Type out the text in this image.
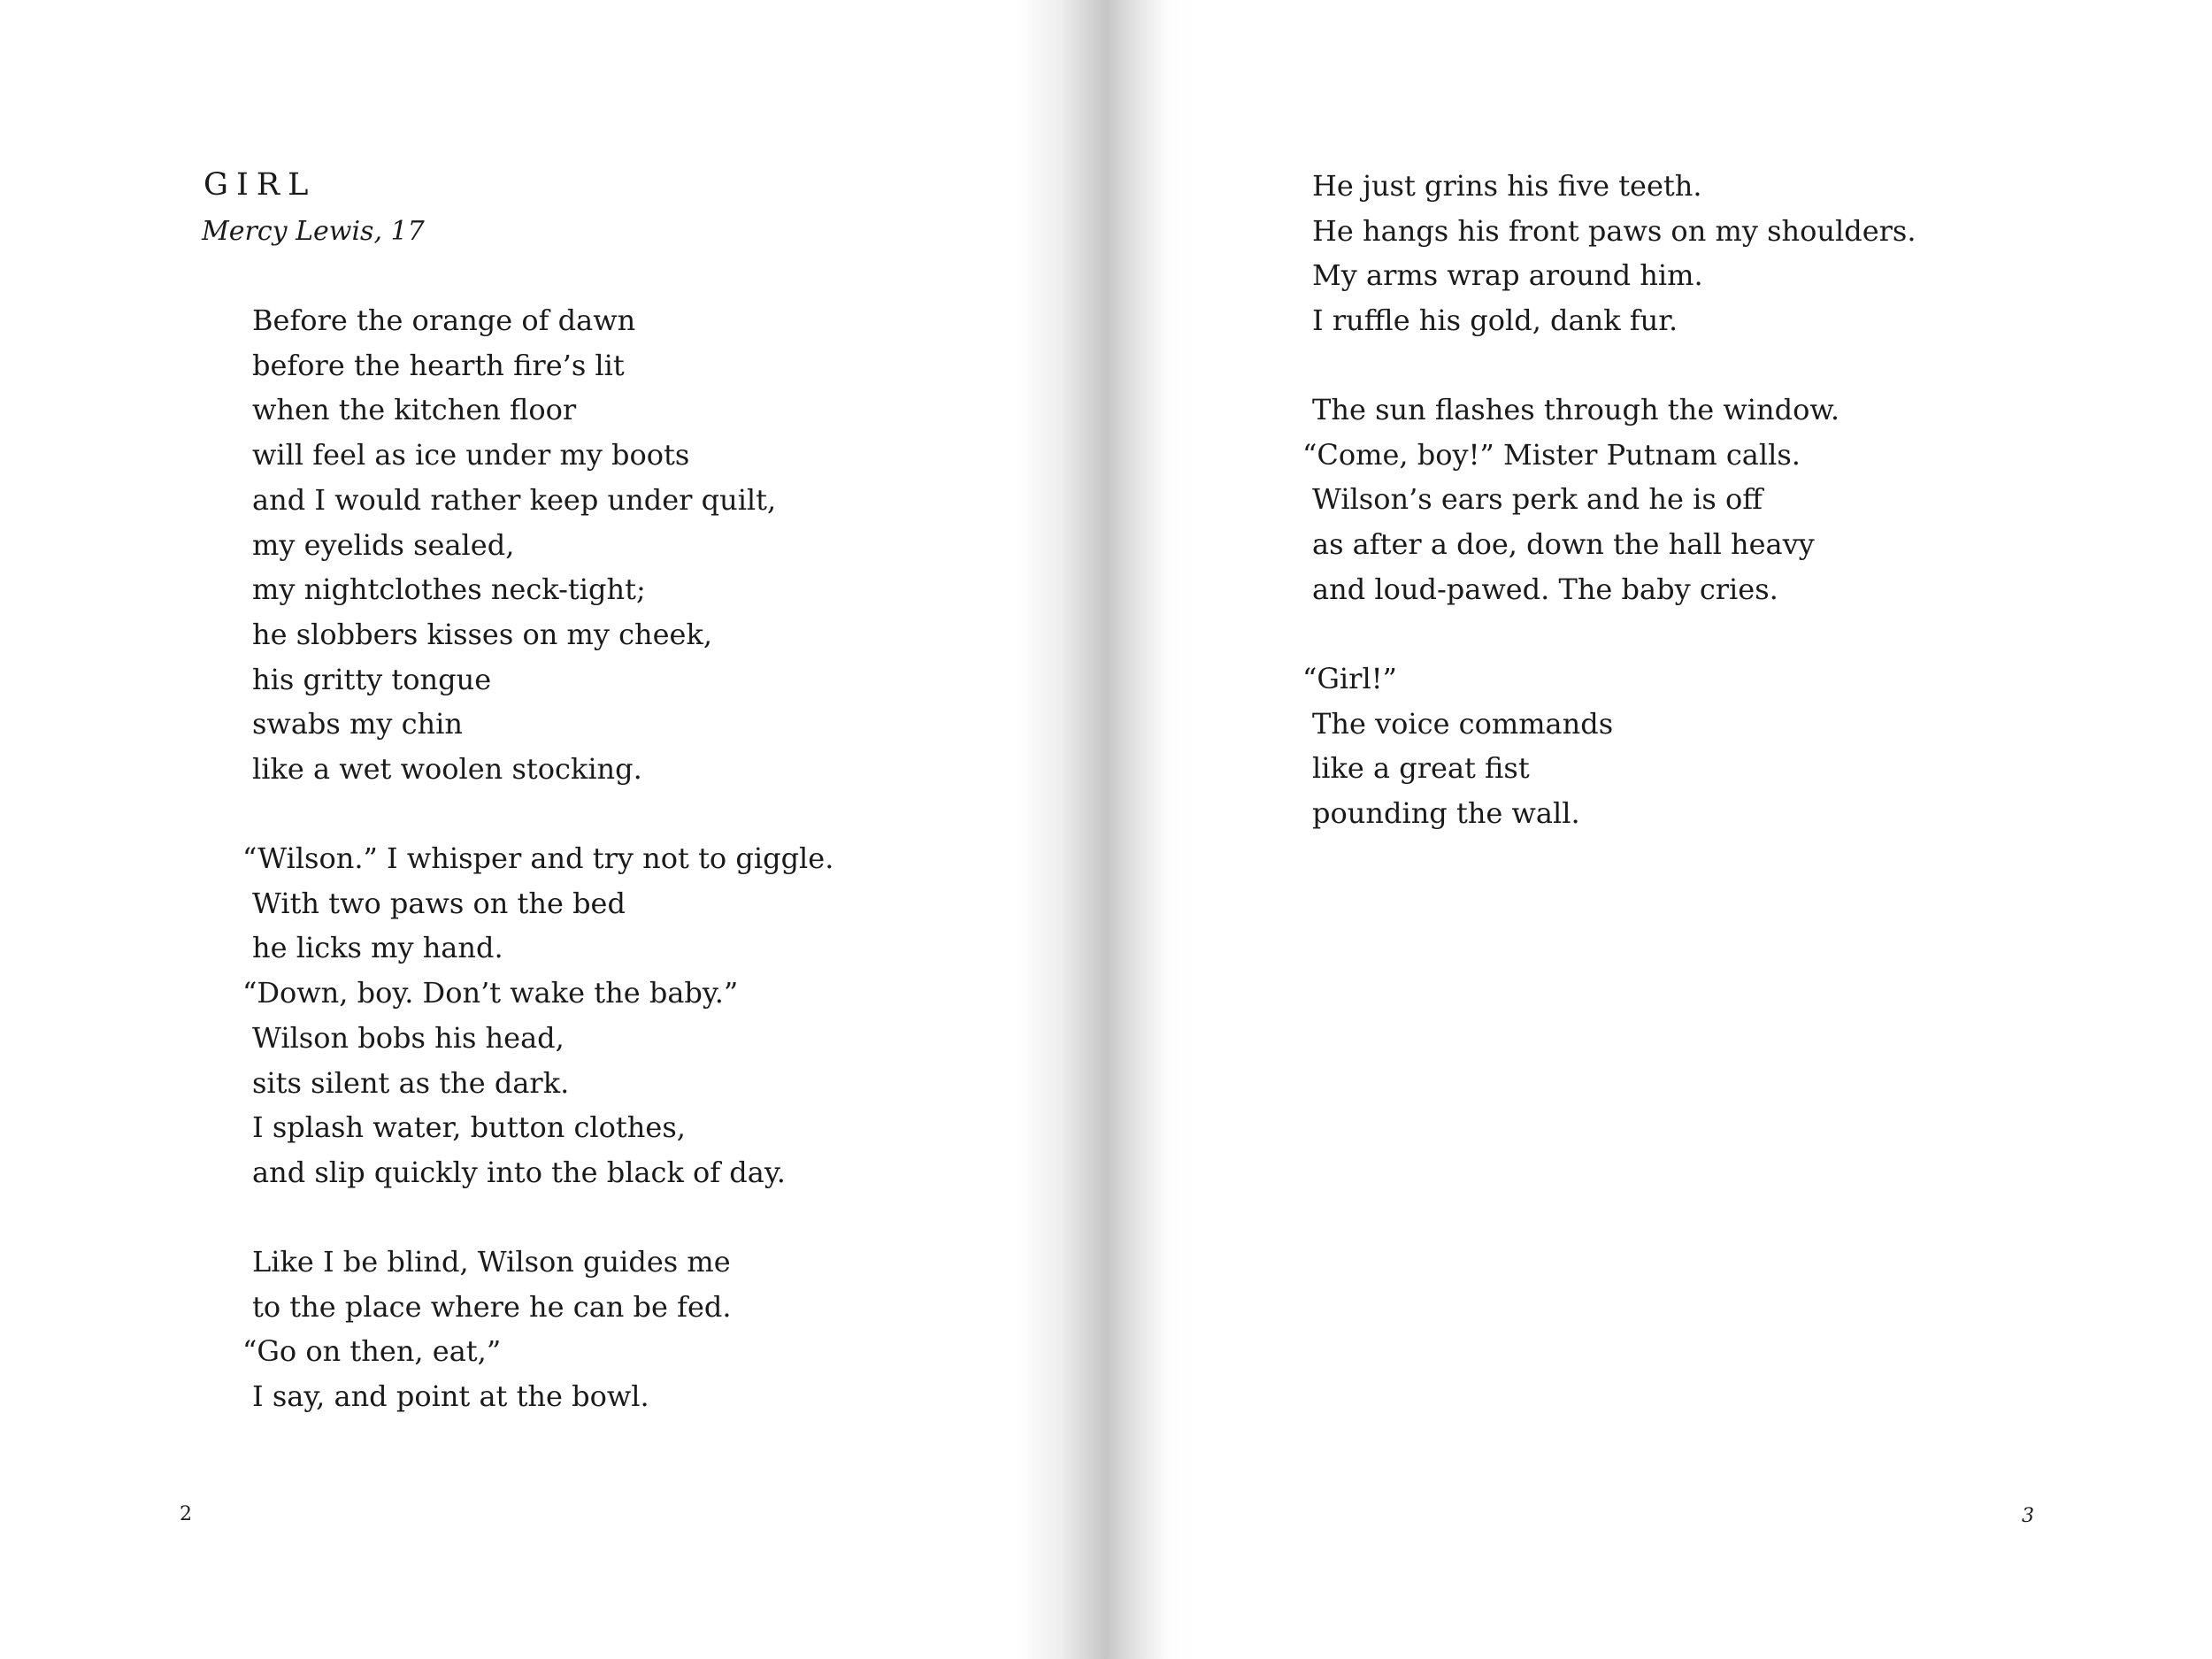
GIRL
Mercy Lewis, 17
Before the orange of dawn
before the hearth fire’s lit
when the kitchen floor
will feel as ice under my boots
and I would rather keep under quilt,
my eyelids sealed,
my nightclothes neck-tight;
he slobbers kisses on my cheek,
his gritty tongue
swabs my chin
like a wet woolen stocking.
“Wilson.” I whisper and try not to giggle.
With two paws on the bed
he licks my hand.
“Down, boy. Don’t wake the baby.”
Wilson bobs his head,
sits silent as the dark.
I splash water, button clothes,
and slip quickly into the black of day.
Like I be blind, Wilson guides me
to the place where he can be fed.
“Go on then, eat,”
I say, and point at the bowl.
2
He just grins his five teeth.
He hangs his front paws on my shoulders.
My arms wrap around him.
I ruffle his gold, dank fur.
The sun flashes through the window.
“Come, boy!” Mister Putnam calls.
Wilson’s ears perk and he is off
as after a doe, down the hall heavy
and loud-pawed. The baby cries.
“Girl!”
The voice commands
like a great fist
pounding the wall.
3
